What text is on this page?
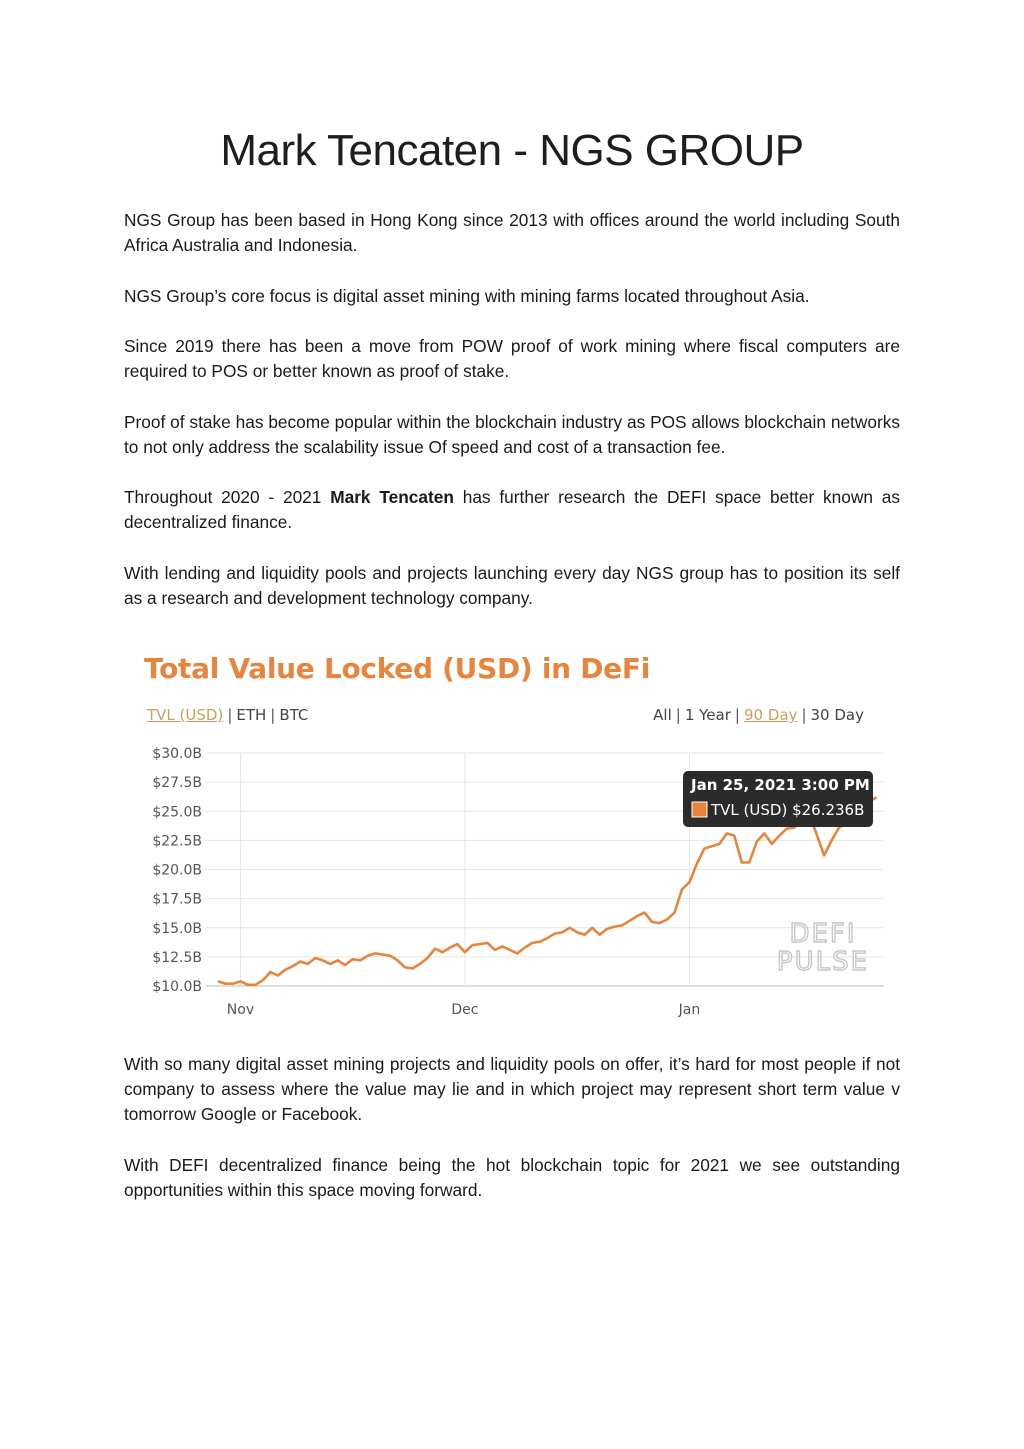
Mark Tencaten - NGS GROUP

NGS Group has been based in Hong Kong since 2013 with offices around the world including South Africa Australia and Indonesia.

NGS Group’s core focus is digital asset mining with mining farms located throughout Asia.

Since 2019 there has been a move from POW proof of work mining where fiscal computers are required to POS or better known as proof of stake.

Proof of stake has become popular within the blockchain industry as POS allows blockchain networks to not only address the scalability issue Of speed and cost of a transaction fee.

Throughout 2020 - 2021 Mark Tencaten has further research the DEFI space better known as decentralized finance.

With lending and liquidity pools and projects launching every day NGS group has to position its self as a research and development technology company.

Total Value Locked (USD) in DeFi
TVL (USD) | ETH | BTC	All | 1 Year | 90 Day | 30 Day
$30.0B
$27.5B
$25.0B
$22.5B
$20.0B
$17.5B
$15.0B
$12.5B
$10.0B
Nov	Dec	Jan
DEFI
PULSE
Jan 25, 2021 3:00 PM
TVL (USD) $26.236B

With so many digital asset mining projects and liquidity pools on offer, it’s hard for most people if not company to assess where the value may lie and in which project may represent short term value v tomorrow Google or Facebook.

With DEFI decentralized finance being the hot blockchain topic for 2021 we see outstanding opportunities within this space moving forward.
